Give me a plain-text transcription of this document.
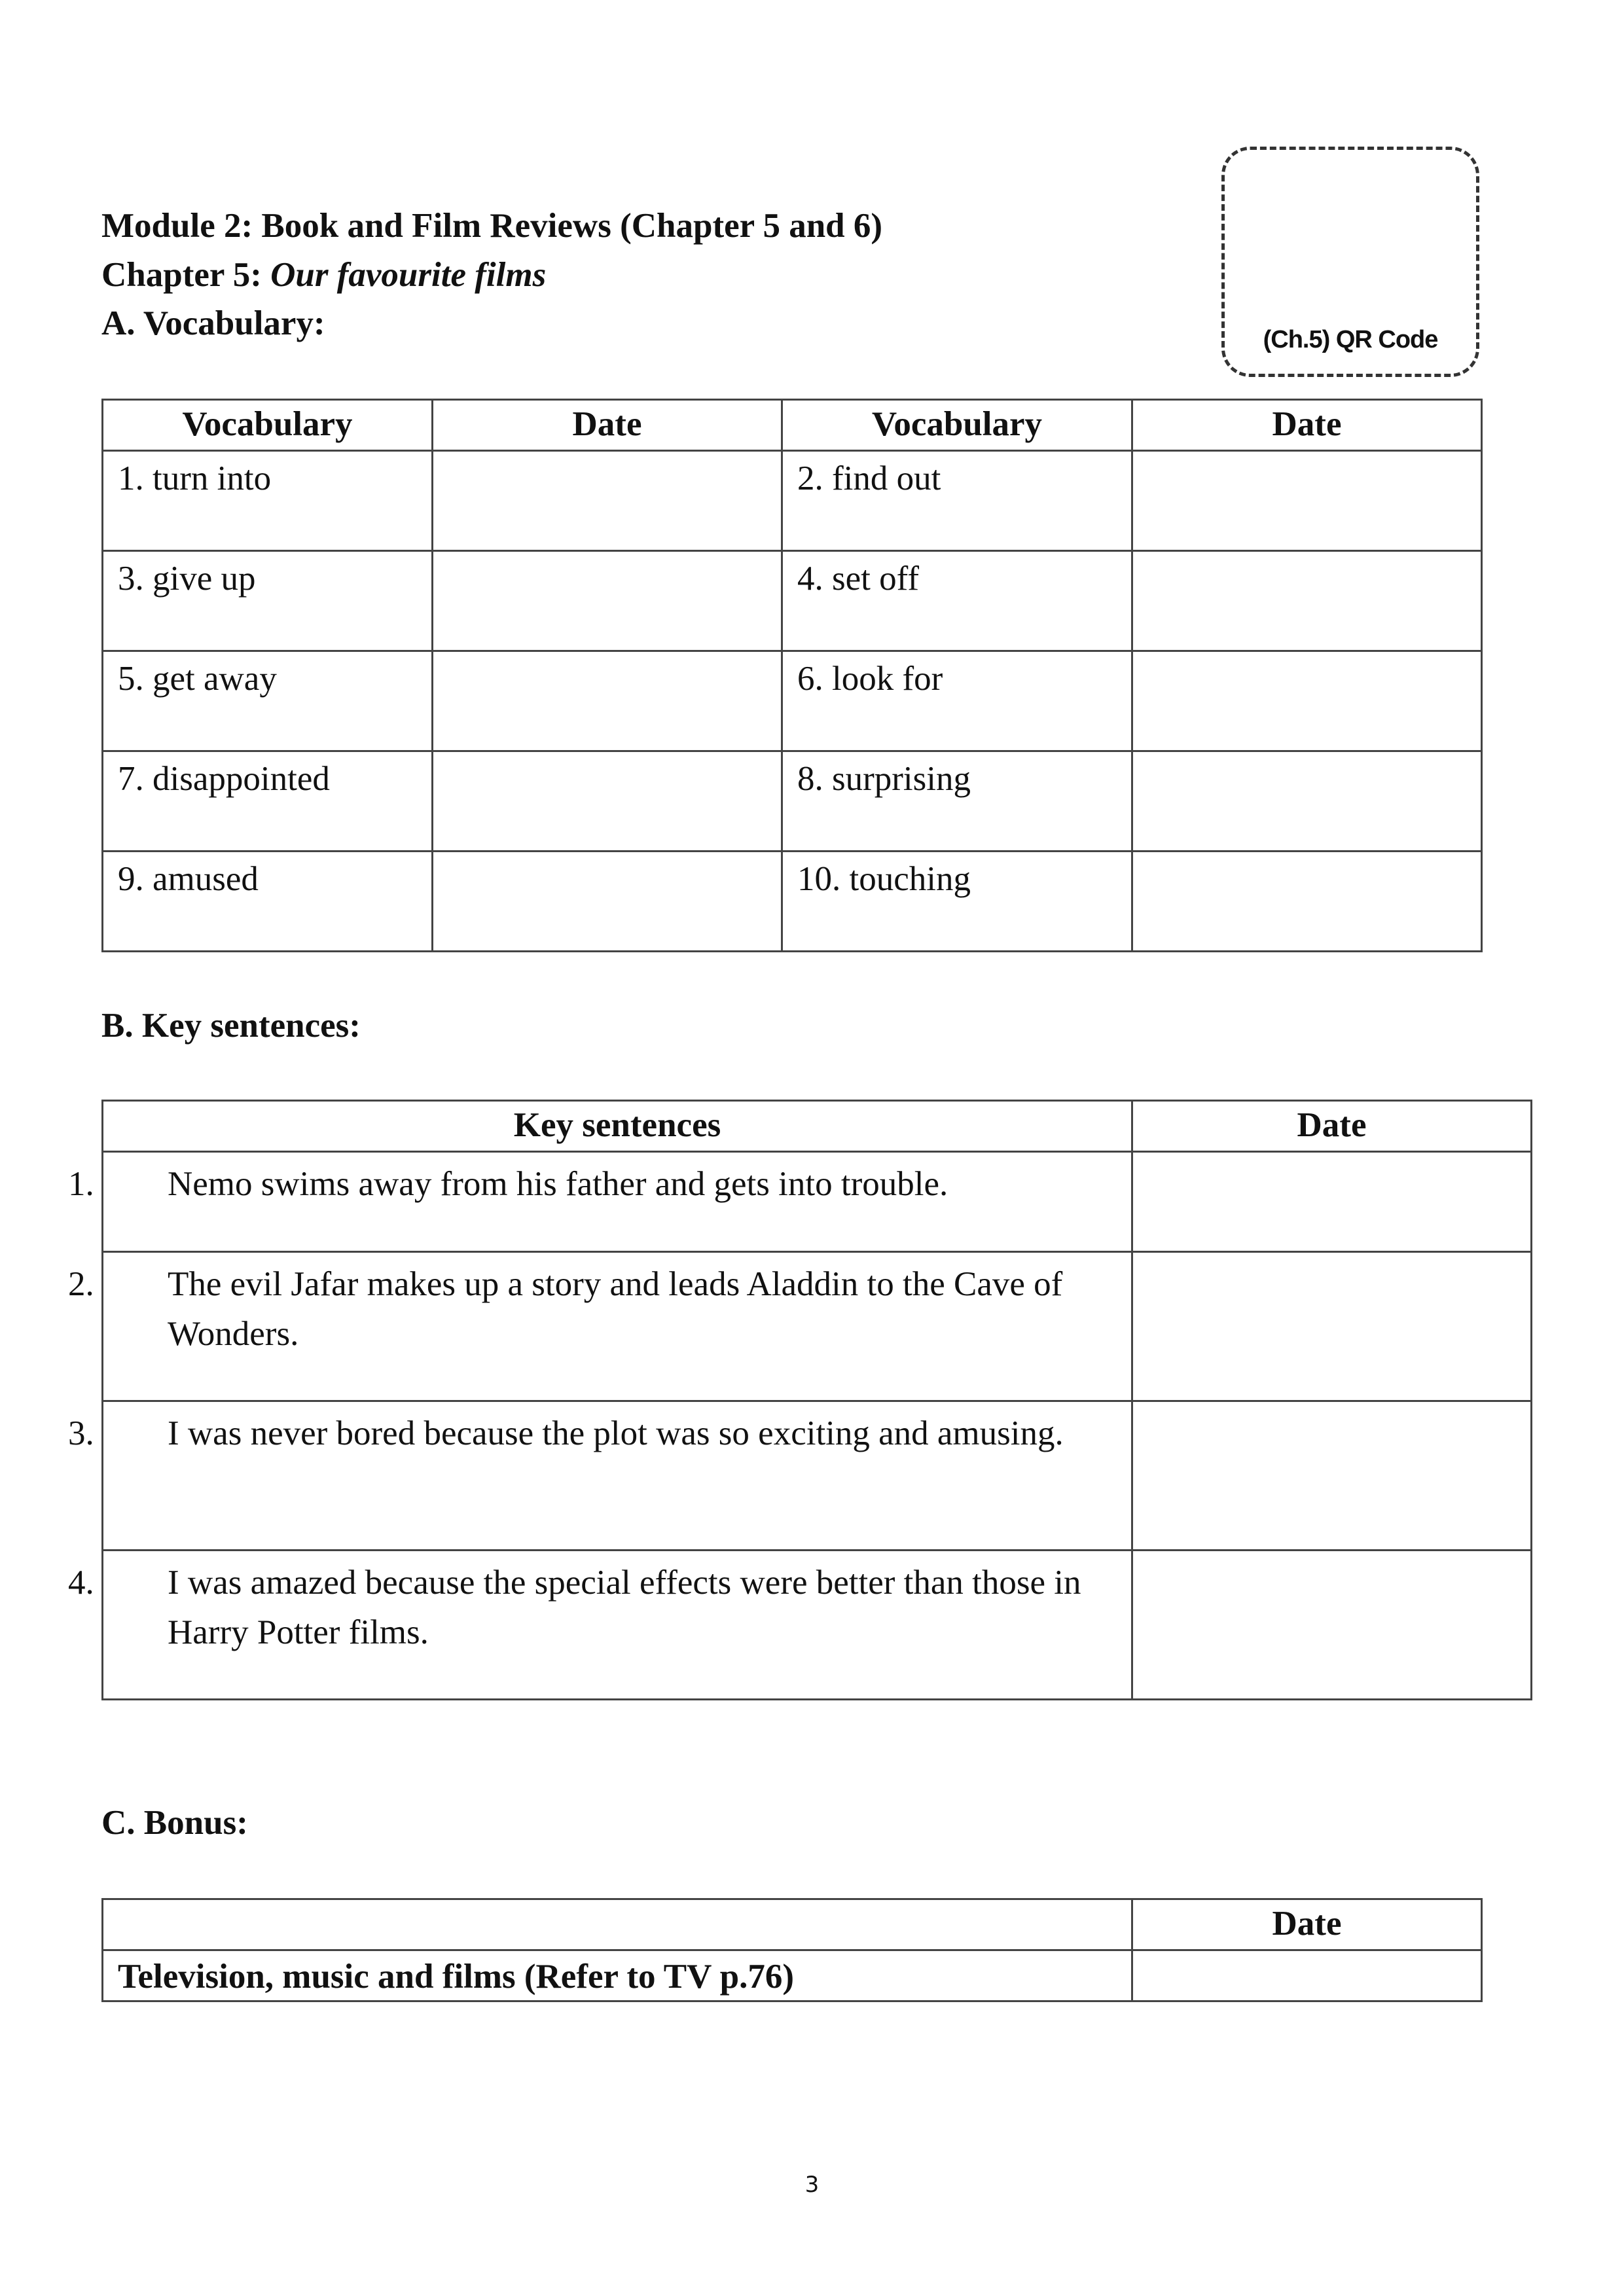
Module 2: Book and Film Reviews (Chapter 5 and 6)
Chapter 5: Our favourite films
A. Vocabulary:	(Ch.5) QR Code
Vocabulary	Date	Vocabulary	Date
1. turn into		2. find out	
3. give up		4. set off	
5. get away		6. look for	
7. disappointed		8. surprising	
9. amused		10. touching	
B. Key sentences:
Key sentences	Date

1. Nemo swims away from his father and gets into trouble.	

2. The evil Jafar makes up a story and leads Aladdin to the Cave of Wonders.	

3. I was never bored because the plot was so exciting and amusing.	

4. I was amazed because the special effects were better than those in Harry Potter films.	

C. Bonus:
	Date
Television, music and films (Refer to TV p.76)	
3
